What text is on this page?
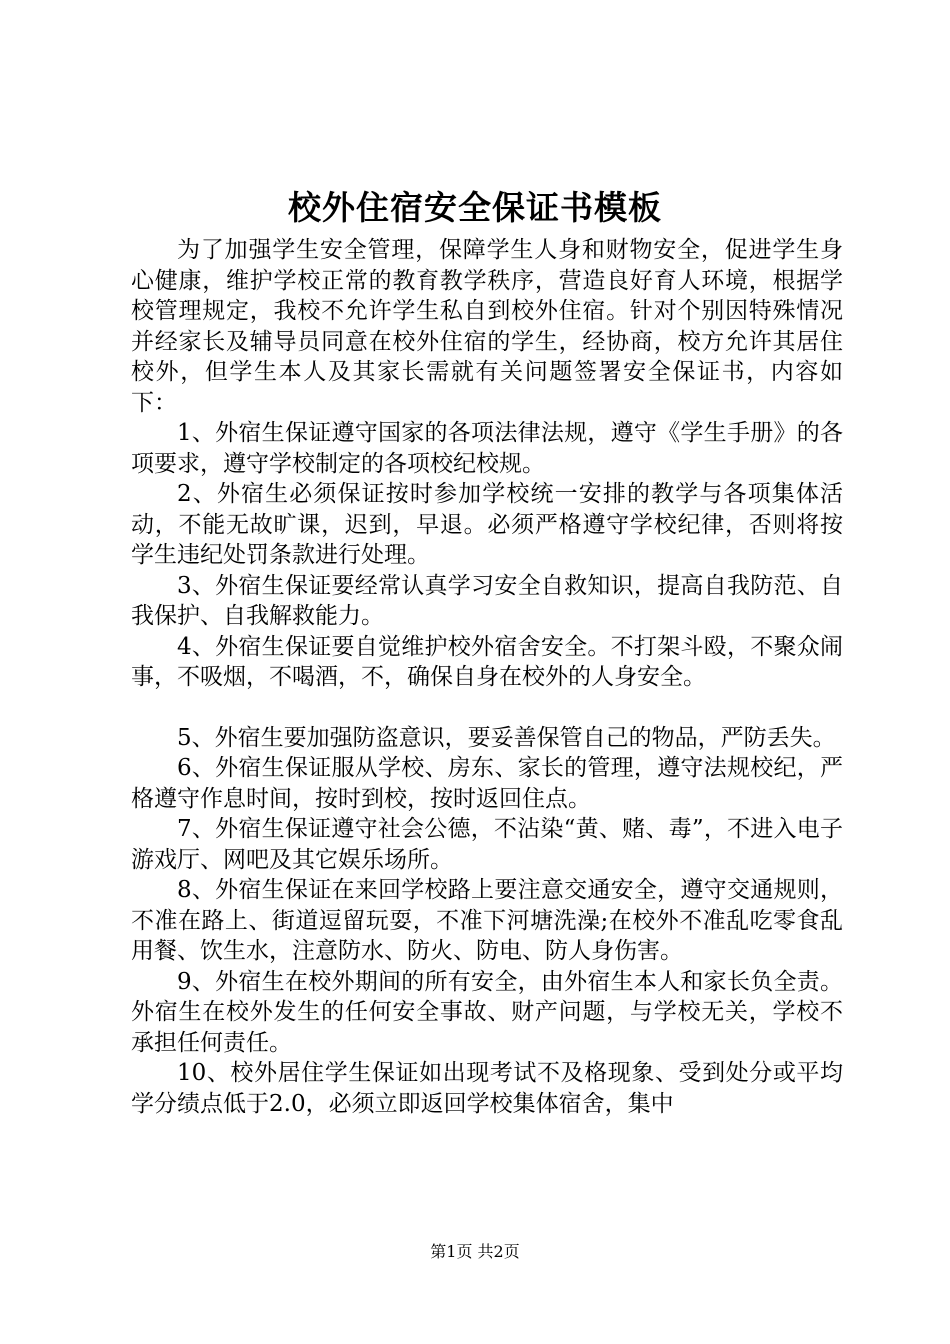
校外住宿安全保证书模板

为了加强学生安全管理，保障学生人身和财物安全，促进学生身心健康，维护学校正常的教育教学秩序，营造良好育人环境，根据学校管理规定，我校不允许学生私自到校外住宿。针对个别因特殊情况并经家长及辅导员同意在校外住宿的学生，经协商，校方允许其居住校外，但学生本人及其家长需就有关问题签署安全保证书，内容如下：

1、外宿生保证遵守国家的各项法律法规，遵守《学生手册》的各项要求，遵守学校制定的各项校纪校规。

2、外宿生必须保证按时参加学校统一安排的教学与各项集体活动，不能无故旷课，迟到，早退。必须严格遵守学校纪律，否则将按学生违纪处罚条款进行处理。

3、外宿生保证要经常认真学习安全自救知识，提高自我防范、自我保护、自我解救能力。

4、外宿生保证要自觉维护校外宿舍安全。不打架斗殴，不聚众闹事，不吸烟，不喝酒，不，确保自身在校外的人身安全。

5、外宿生要加强防盗意识，要妥善保管自己的物品，严防丢失。

6、外宿生保证服从学校、房东、家长的管理，遵守法规校纪，严格遵守作息时间，按时到校，按时返回住点。

7、外宿生保证遵守社会公德，不沾染“黄、赌、毒”，不进入电子游戏厅、网吧及其它娱乐场所。

8、外宿生保证在来回学校路上要注意交通安全，遵守交通规则，不准在路上、街道逗留玩耍，不准下河塘洗澡;在校外不准乱吃零食乱用餐、饮生水，注意防水、防火、防电、防人身伤害。

9、外宿生在校外期间的所有安全，由外宿生本人和家长负全责。外宿生在校外发生的任何安全事故、财产问题，与学校无关，学校不承担任何责任。

10、校外居住学生保证如出现考试不及格现象、受到处分或平均学分绩点低于2.0，必须立即返回学校集体宿舍，集中

第1页 共2页
